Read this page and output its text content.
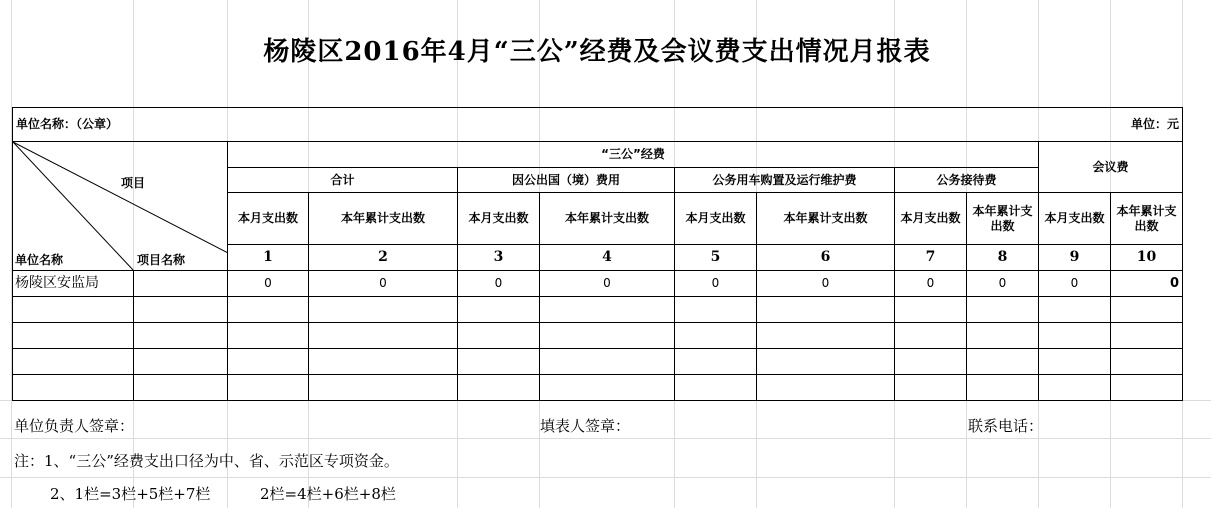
杨陵区2016年4月“三公”经费及会议费支出情况月报表
单位名称：（公章）											单位：元

项目
单位名称 项目名称		“三公”经费								会议费	
		合计		因公出国（境）费用		公务用车购置及运行维护费		公务接待费			
		本月支出数	本年累计支出数	本月支出数	本年累计支出数	本月支出数	本年累计支出数	本月支出数	本年累计支出数	本月支出数	本年累计支出数
		1	2	3	4	5	6	7	8	9	10
杨陵区安监局		0	0	0	0	0	0	0	0	0	0

单位负责人签章：	填表人签章：	联系电话：
注：1、“三公”经费支出口径为中、省、示范区专项资金。
2、1栏=3栏+5栏+7栏	2栏=4栏+6栏+8栏
